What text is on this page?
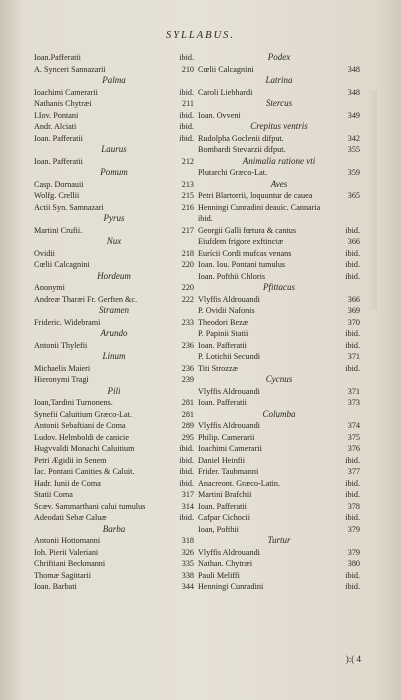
SYLLABUS.
Ioan.Pafferatii	ibid.
A. Synceri Sannazarii	210
Palma
Ioachimi Camerarii	ibid.
Nathanis Chytræi	211
I.Iov. Pontani	ibid.
Andr. Alciati	ibid.
Ioan. Pafferatii	ibid.
Laurus
Ioan. Pafferatii	212
Pomum
Casp. Dornauii	213
Wolfg. Crellii	215
Actii Syn. Samnazari	216
Pyrus
Martini Crufii.	217
Nux
Ovidii	218
Cœlii Calcagnini	220
Hordeum
Anonymi	220
Andreæ Tharæi Fr. Gerften &c.	222
Stramen
Frideric. Widebrami	233
Arundo
Antonii Thylefii	236
Linum
Michaelis Maieri	236
Hieronymi Tragi	239
Pili
Ioan,Tardini Turnonens.	281
Synefii Caluitium Græco-Lat.	281
Antonii Sebaftiani de Coma	289
Ludov. Helmboldi de canicie	295
Hugvvaldi Monachi Caluitium	ibid.
Petri Ægidii in Senem	ibid.
Iac. Pontani Canities & Caluit.	ibid.
Hadr. Iunii de Coma	ibid.
Statii Coma	317
Scæv. Sammarthani calui tumulus	314
Adeodati Sebæ Caluæ	ibid.
Barba
Antonii Hottomanni	318
Ioh. Pierii Valeriani	326
Chriftiani Beckmanni	335
Thomæ Sagittarii	338
Ioan. Barbati	344
Podex
Cœlii Calcagnini	348
Latrina
Caroli Liebhardi	348
Stercus
Ioan. Ovveni	349
Crepitus ventris
Rudolpha Goclenii difput.	342
Bombardi Stevarzii difput.	355
Animalia ratione vti
Plutarchi Græco-Lat.	359
Aves
Petri Blartorrii, loquuntur de cauea	365
Henningi Cunradini deauic. Cannaria
ibid.
Georgii Galli fœtura & cantus	ibid.
Eiufdem frigore exftinctæ	366
Eurícii Cordi mufcas venans	ibid.
Ioan. Iou. Pontani tumulus	ibid.
Ioan. Pofthii Chloris	ibid.
Pfittacus
Vlyffis Aldrouandi	366
P. Ovidii Nafonis	369
Theodori Bezæ	370
P. Papinii Statii	ibid.
Ioan. Pafferatii	ibid.
P. Lotichii Secundi	371
Titi Strozzæ	ibid.
Cycnus
Vlyffis Aldrouandi	371
Ioan. Pafferatii	373
Columba
Vlyffis Aldrouandi	374
Philip. Camerarii	375
Ioachimi Camerarii	376
Daniel Heinfii	ibid.
Frider. Taubmanni	377
Anacreont. Græco-Latin.	ibid.
Martini Brafchii	ibid.
Ioan. Pafferatii	378
Cafpar Cichocii	ibid.
Ioan, Pofthii	379
Turtur
Vlyffis Aldrouandi	379
Nathan. Chytræi	380
Pauli Meliffi	ibid.
Henningi Cunradini	ibid.
):( 4
